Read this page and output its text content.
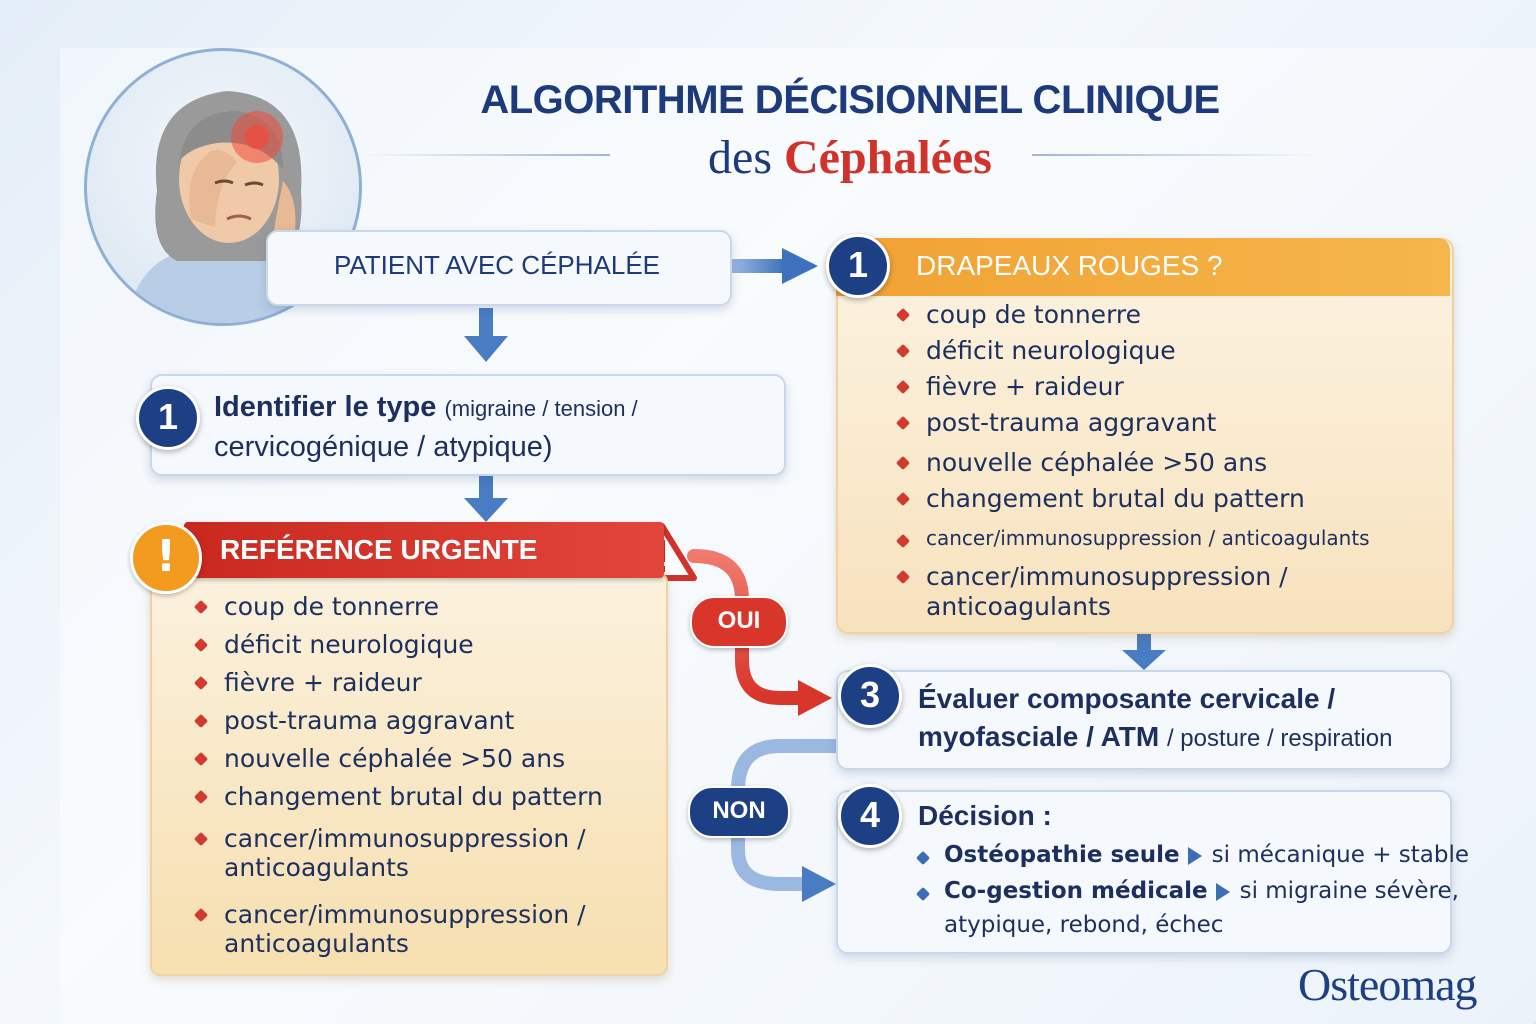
ALGORITHME DÉCISIONNEL CLINIQUE
des Céphalées
PATIENT AVEC CÉPHALÉE
1	Identifier le type (migraine / tension /
cervicogénique / atypique)
!	REFÉRENCE URGENTE
coup de tonnerre
déficit neurologique
fièvre + raideur
post-trauma aggravant
nouvelle céphalée >50 ans
changement brutal du pattern
cancer/immunosuppression /
anticoagulants
cancer/immunosuppression /
anticoagulants
1	DRAPEAUX ROUGES ?
coup de tonnerre
déficit neurologique
fièvre + raideur
post-trauma aggravant
nouvelle céphalée >50 ans
changement brutal du pattern
cancer/immunosuppression / anticoagulants
cancer/immunosuppression /
anticoagulants
OUI
NON
3	Évaluer composante cervicale /
myofasciale / ATM / posture / respiration
4	Décision :
Ostéopathie seule si mécanique + stable
Co-gestion médicale si migraine sévère,
atypique, rebond, échec
Osteomag
